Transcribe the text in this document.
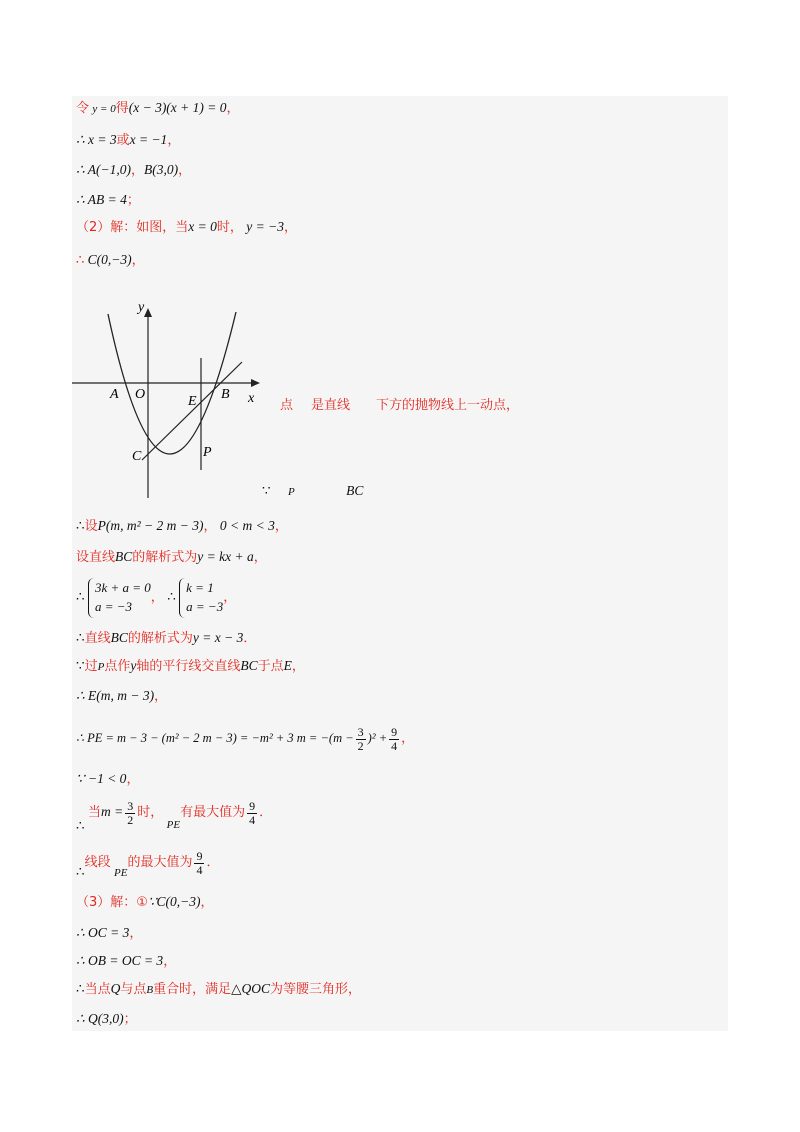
令 y = 0得(x − 3)(x + 1) = 0，
∴ x = 3或x = −1，
∴ A(−1,0)，B(3,0)，
∴ AB = 4；
（2）解：如图，当x = 0时， y = −3，
∴ C(0,−3)，
y
x
A O	E B
C	P
点 是直线 下方的抛物线上一动点，
∵ P	BC
∴设P(m, m² − 2 m − 3)， 0 < m < 3，
设直线BC的解析式为y = kx + a，
∴
3k + a = 0
a = −3
， ∴
k = 1
a = −3
，
∴直线BC的解析式为y = x − 3．
∵过P点作y轴的平行线交直线BC于点E，
∴ E(m, m − 3)，
∴ PE = m − 3 − (m² − 2 m − 3) = −m² + 3 $m = -(m - \frac{3}{2} )^2 + \frac{9}{4}$ ，
∵ −1 < 0，
∴ 当$m = \frac{3}{2}$ 时， $_{PE}$有最大值为 $\frac{9}{4}$ ．
∴线段 $_{PE}$的最大值为 $\frac{9}{4}$ ．
（3）解：①∵C(0,−3)，
∴ OC = 3，
∴ OB = OC = 3，
∴当点Q与点B重合时，满足△QOC为等腰三角形，
∴ Q(3,0)；
